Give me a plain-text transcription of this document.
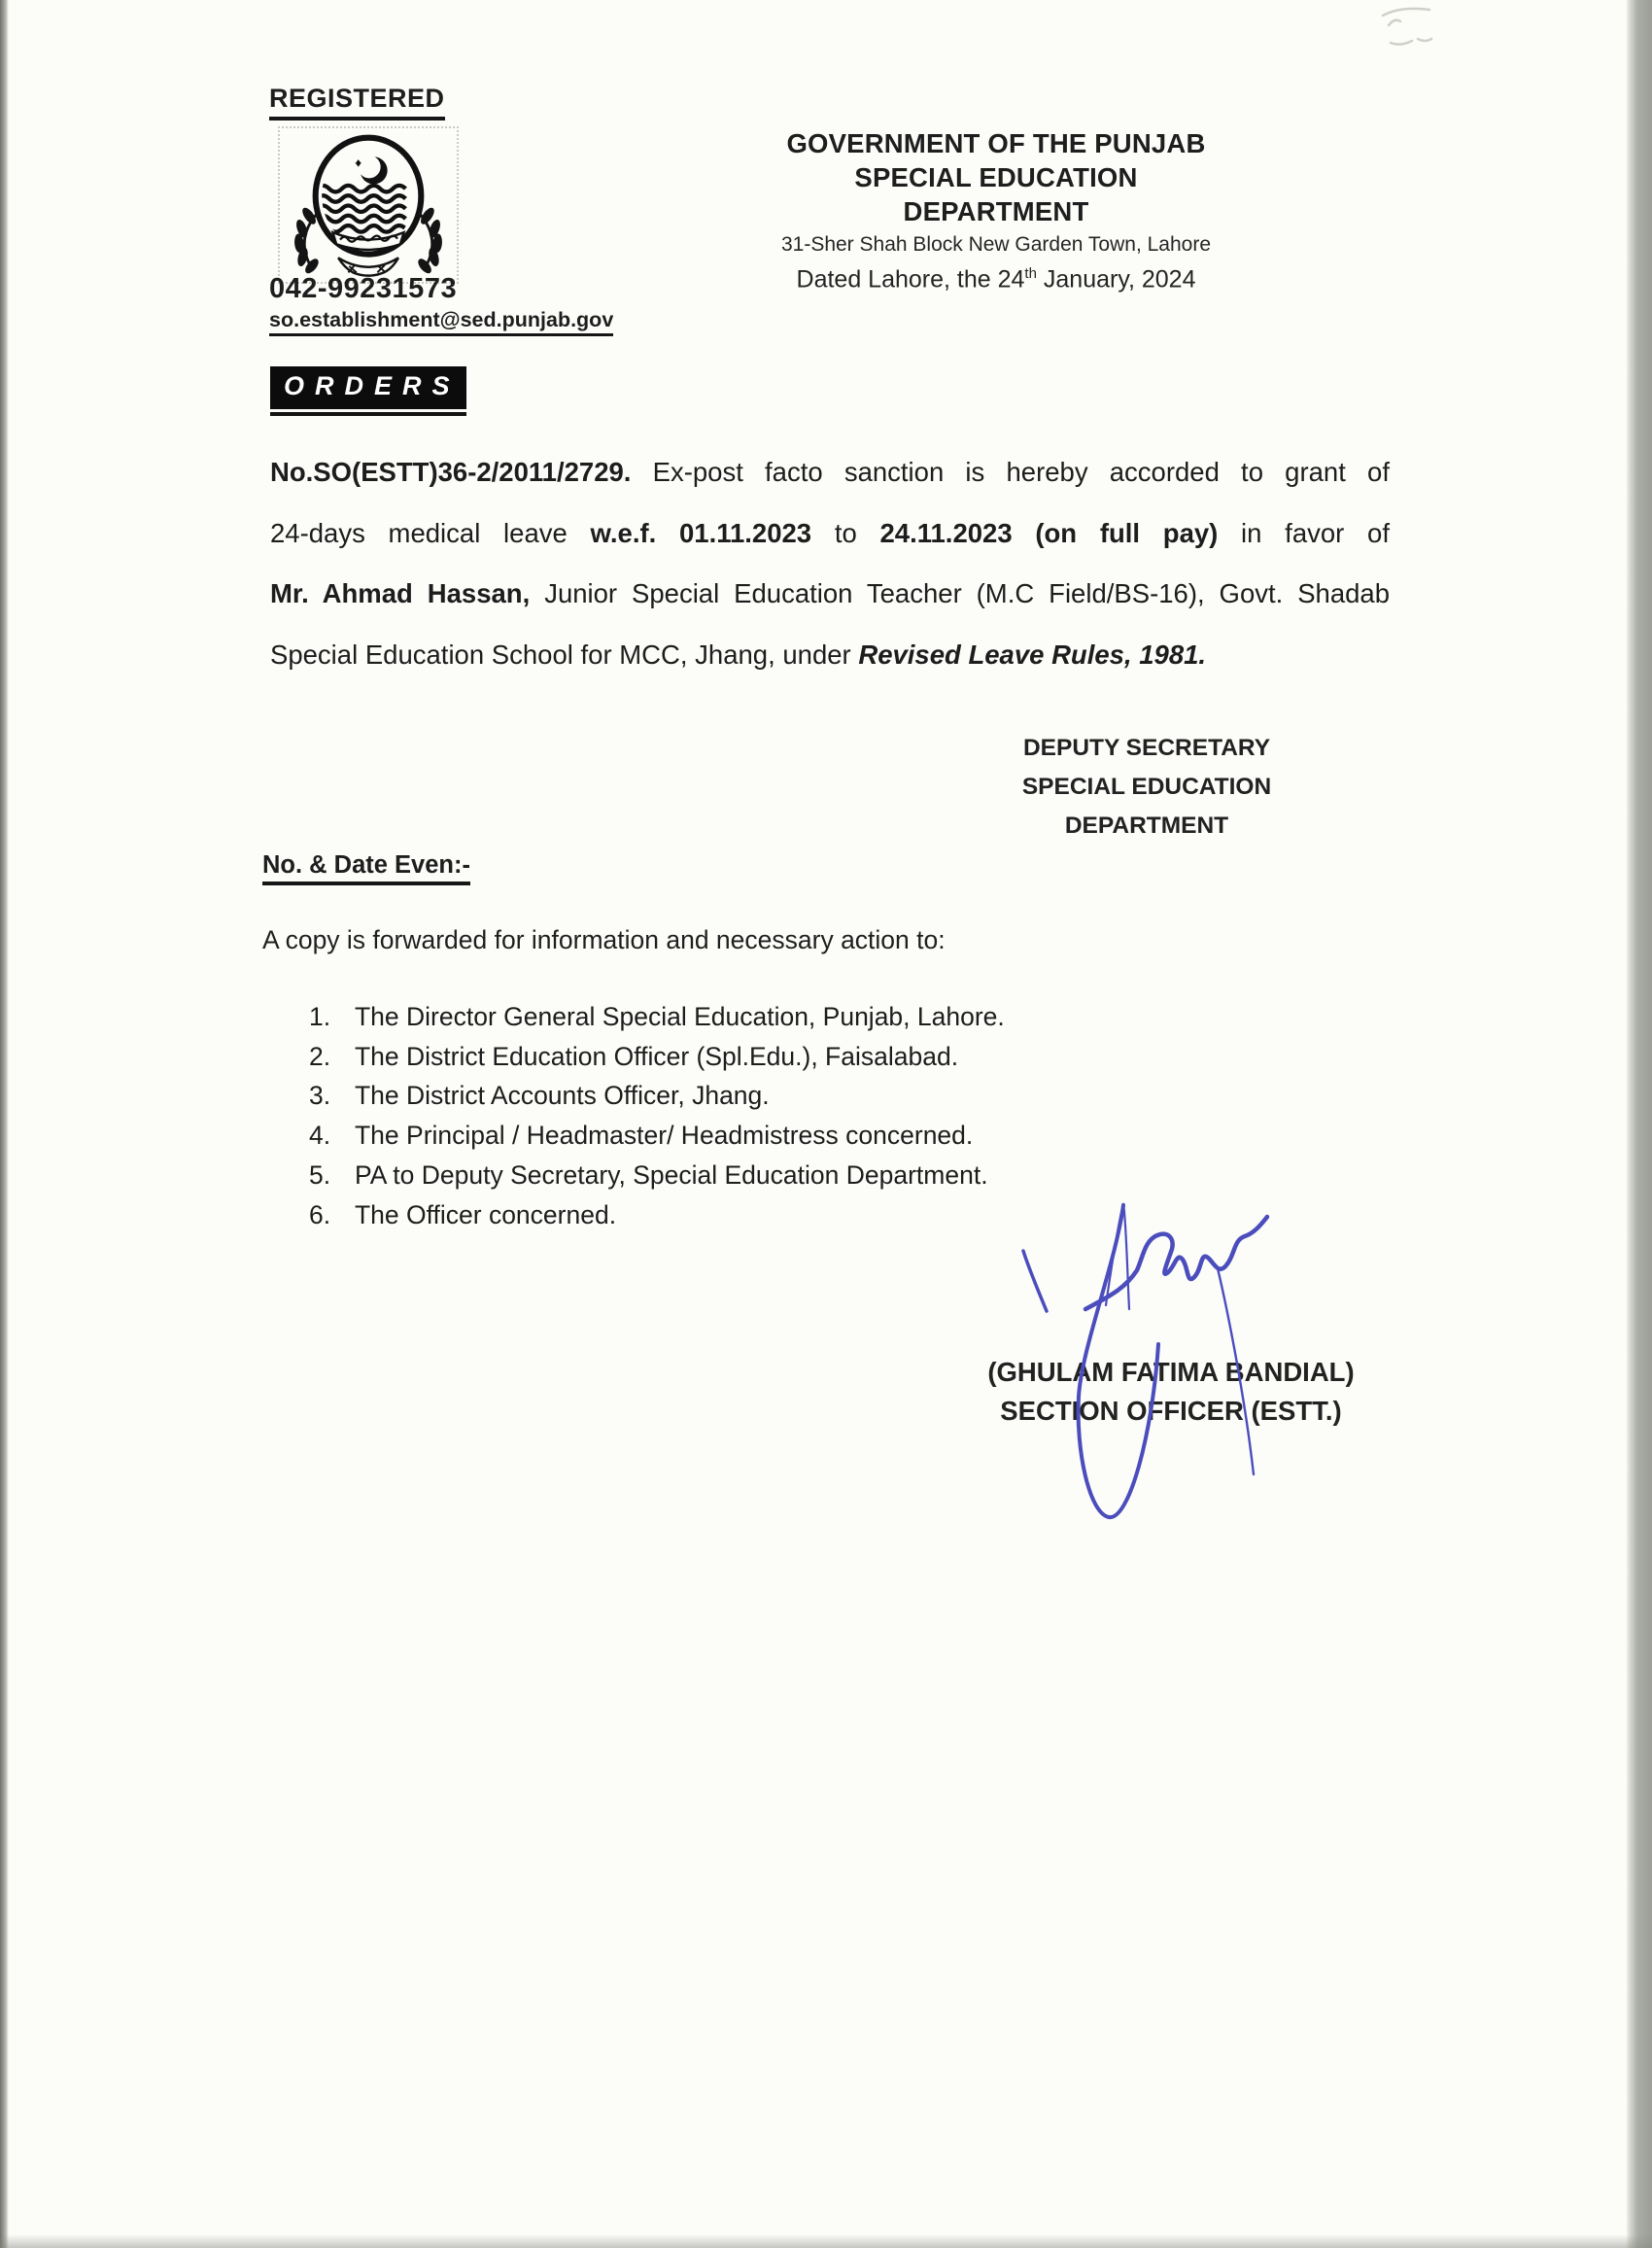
REGISTERED
042-99231573
so.establishment@sed.punjab.gov
GOVERNMENT OF THE PUNJAB
SPECIAL EDUCATION DEPARTMENT
31-Sher Shah Block New Garden Town, Lahore
Dated Lahore, the 24th January, 2024
ORDERS
No.SO(ESTT)36-2/2011/2729. Ex-post facto sanction is hereby accorded to grant of
24-days medical leave w.e.f. 01.11.2023 to 24.11.2023 (on full pay) in favor of
Mr. Ahmad Hassan, Junior Special Education Teacher (M.C Field/BS-16), Govt. Shadab
Special Education School for MCC, Jhang, under Revised Leave Rules, 1981.
DEPUTY SECRETARY
SPECIAL EDUCATION
DEPARTMENT
No. & Date Even:-
A copy is forwarded for information and necessary action to:
1. The Director General Special Education, Punjab, Lahore.
2. The District Education Officer (Spl.Edu.), Faisalabad.
3. The District Accounts Officer, Jhang.
4. The Principal / Headmaster/ Headmistress concerned.
5. PA to Deputy Secretary, Special Education Department.
6. The Officer concerned.
(GHULAM FATIMA BANDIAL)
SECTION OFFICER (ESTT.)
